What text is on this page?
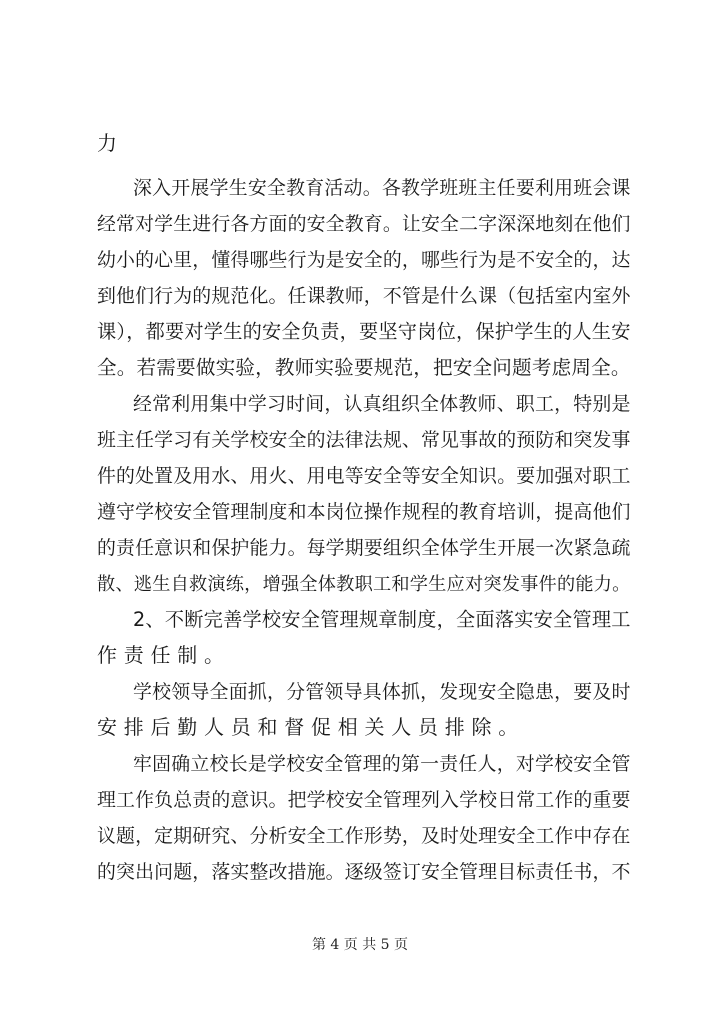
力
深入开展学生安全教育活动。各教学班班主任要利用班会课
经常对学生进行各方面的安全教育。让安全二字深深地刻在他们
幼小的心里，懂得哪些行为是安全的，哪些行为是不安全的，达
到他们行为的规范化。任课教师，不管是什么课（包括室内室外
课），都要对学生的安全负责，要坚守岗位，保护学生的人生安
全。若需要做实验，教师实验要规范，把安全问题考虑周全。
经常利用集中学习时间，认真组织全体教师、职工，特别是
班主任学习有关学校安全的法律法规、常见事故的预防和突发事
件的处置及用水、用火、用电等安全等安全知识。要加强对职工
遵守学校安全管理制度和本岗位操作规程的教育培训，提高他们
的责任意识和保护能力。每学期要组织全体学生开展一次紧急疏
散、逃生自救演练，增强全体教职工和学生应对突发事件的能力。
2、不断完善学校安全管理规章制度，全面落实安全管理工
作责任制。
学校领导全面抓，分管领导具体抓，发现安全隐患，要及时
安排后勤人员和督促相关人员排除。
牢固确立校长是学校安全管理的第一责任人，对学校安全管
理工作负总责的意识。把学校安全管理列入学校日常工作的重要
议题，定期研究、分析安全工作形势，及时处理安全工作中存在
的突出问题，落实整改措施。逐级签订安全管理目标责任书，不
第 4 页 共 5 页
